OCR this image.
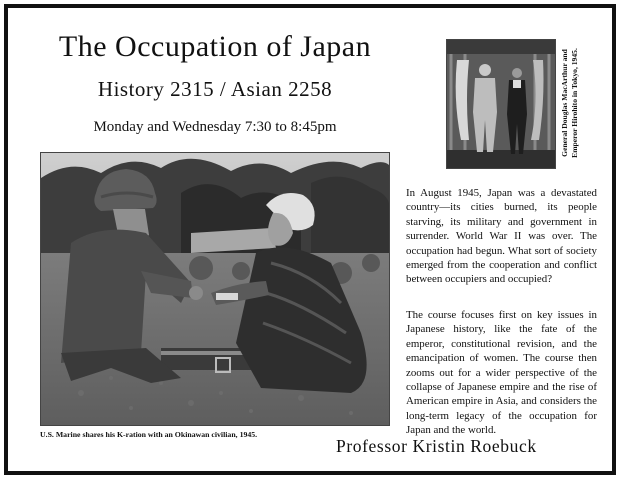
The Occupation of Japan
History 2315 / Asian 2258
Monday and Wednesday 7:30 to 8:45pm
U.S. Marine shares his K-ration with an Okinawan civilian, 1945.
General Douglas MacArthur and
Emperor Hirohito in Tokyo, 1945.

In August 1945, Japan was a devastated country—its cities burned, its people starving, its military and government in surrender. World War II was over. The occupation had begun. What sort of society emerged from the cooperation and conflict between occupiers and occupied?

The course focuses first on key issues in Japanese history, like the fate of the emperor, constitutional revision, and the emancipation of women. The course then zooms out for a wider perspective of the collapse of Japanese empire and the rise of American empire in Asia, and considers the long-term legacy of the occupation for Japan and the world.

Professor Kristin Roebuck
